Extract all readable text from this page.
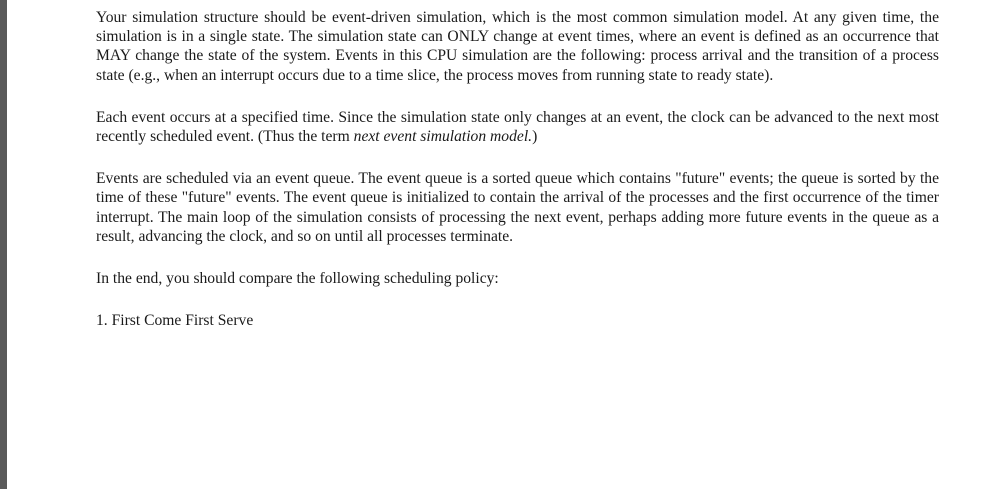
Your simulation structure should be event-driven simulation, which is the most common simulation model. At any given time, the simulation is in a single state. The simulation state can ONLY change at event times, where an event is defined as an occurrence that MAY change the state of the system. Events in this CPU simulation are the following: process arrival and the transition of a process state (e.g., when an interrupt occurs due to a time slice, the process moves from running state to ready state).

Each event occurs at a specified time. Since the simulation state only changes at an event, the clock can be advanced to the next most recently scheduled event. (Thus the term next event simulation model.)

Events are scheduled via an event queue. The event queue is a sorted queue which contains "future" events; the queue is sorted by the time of these "future" events. The event queue is initialized to contain the arrival of the processes and the first occurrence of the timer interrupt. The main loop of the simulation consists of processing the next event, perhaps adding more future events in the queue as a result, advancing the clock, and so on until all processes terminate.

In the end, you should compare the following scheduling policy:

1. First Come First Serve
